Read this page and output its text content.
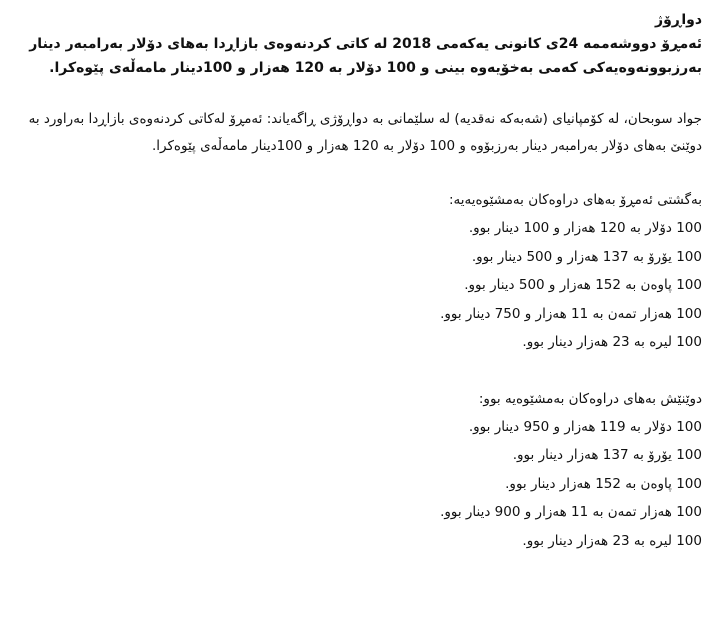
دواڕۆژ

ئەمڕۆ دووشەممە 24ی کانونی یەکەمی 2018 لە کاتی کردنەوەی بازاڕدا بەهای دۆلار بەرامبەر دینار بەرزبوونەوەیەکی کەمی بەخۆیەوە بینی و 100 دۆلار بە 120 هەزار و 100دینار مامەڵەی پێوەکرا.

جواد سوبحان، لە کۆمپانیای (شەبەکە نەقدیە) لە سلێمانی بە دواڕۆژی ڕاگەیاند: ئەمڕۆ لەکاتی کردنەوەی بازاڕدا بەراورد بە دوێنێ بەهای دۆلار بەرامبەر دینار بەرزبۆوە و 100 دۆلار بە 120 هەزار و 100دینار مامەڵەی پێوەکرا.

بەگشتی ئەمڕۆ بەهای دراوەکان بەمشێوەیەیە:
100 دۆلار بە 120 هەزار و 100 دینار بوو.
100 یۆرۆ بە 137 هەزار و 500 دینار بوو.
100 پاوەن بە 152 هەزار و 500 دینار بوو.
100 هەزار تمەن بە 11 هەزار و 750 دینار بوو.
100 لیرە بە 23 هەزار دینار بوو.
دوێنێش بەهای دراوەکان بەمشێوەیە بوو:
100 دۆلار بە 119 هەزار و 950 دینار بوو.
100 یۆرۆ بە 137 هەزار دینار بوو.
100 پاوەن بە 152 هەزار دینار بوو.
100 هەزار تمەن بە 11 هەزار و 900 دینار بوو.
100 لیرە بە 23 هەزار دینار بوو.
